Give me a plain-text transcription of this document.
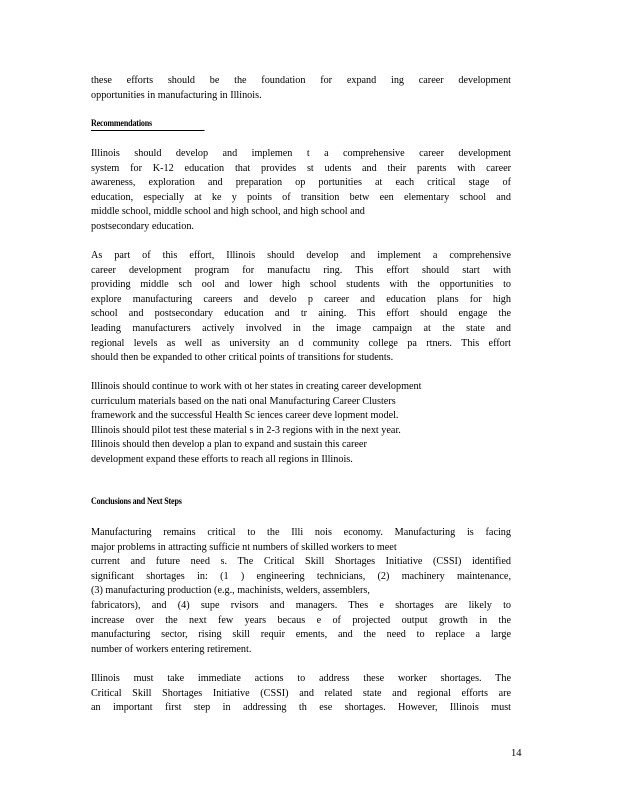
these efforts should be the foundation for expand ing career development
opportunities in manufacturing in Illinois.

Recommendations

Illinois should develop and implemen t a comprehensive career development
system for K-12 education that provides st udents and their parents with career
awareness, exploration and preparation op portunities at each critical stage of
education, especially at ke y points of transition betw een elementary school and
middle school, middle school and high school, and high school and
postsecondary education.

As part of this effort, Illinois should develop and implement a comprehensive
career development program for manufactu ring. This effort should start with
providing middle sch ool and lower high school students with the opportunities to
explore manufacturing careers and develo p career and education plans for high
school and postsecondary education and tr aining. This effort should engage the
leading manufacturers actively involved in the image campaign at the state and
regional levels as well as university an d community college pa rtners. This effort
should then be expanded to other critical points of transitions for students.

Illinois should continue to work with ot her states in creating career development
curriculum materials based on the nati onal Manufacturing Career Clusters
framework and the successful Health Sc iences career deve lopment model.
Illinois should pilot test these material s in 2-3 regions with in the next year.
Illinois should then develop a plan to expand and sustain this career
development expand these efforts to reach all regions in Illinois.

Conclusions and Next Steps

Manufacturing remains critical to the Illi nois economy. Manufacturing is facing
major problems in attracting sufficie nt numbers of skilled workers to meet
current and future need s. The Critical Skill Shortages Initiative (CSSI) identified
significant shortages in: (1 ) engineering technicians, (2) machinery maintenance,
(3) manufacturing production (e.g., machinists, welders, assemblers,
fabricators), and (4) supe rvisors and managers. Thes e shortages are likely to
increase over the next few years becaus e of projected output growth in the
manufacturing sector, rising skill requir ements, and the need to replace a large
number of workers entering retirement.

Illinois must take immediate actions to address these worker shortages. The
Critical Skill Shortages Initiative (CSSI) and related state and regional efforts are
an important first step in addressing th ese shortages. However, Illinois must

14
